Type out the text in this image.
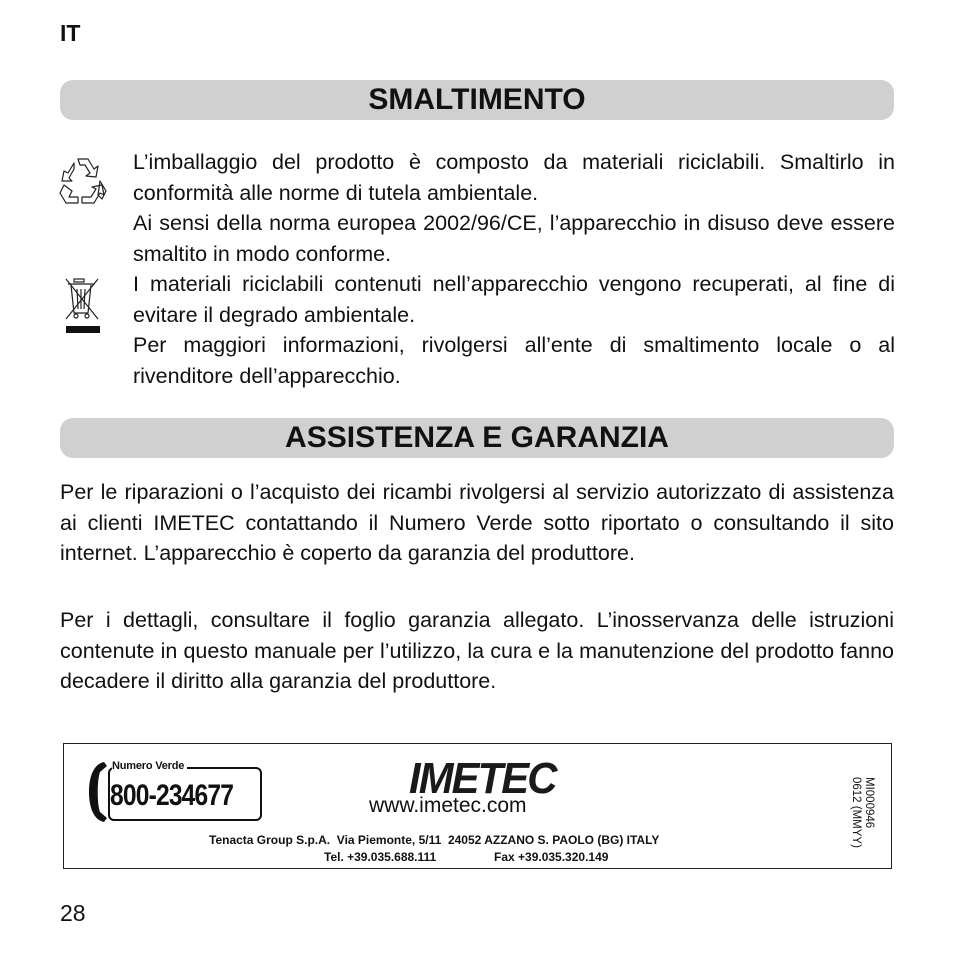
IT
SMALTIMENTO

L’imballaggio del prodotto è composto da materiali riciclabili. Smaltirlo in conformità alle norme di tutela ambientale.

Ai sensi della norma europea 2002/96/CE, l’apparecchio in disuso deve essere smaltito in modo conforme.

I materiali riciclabili contenuti nell’apparecchio vengono recuperati, al fine di evitare il degrado ambientale.

Per maggiori informazioni, rivolgersi all’ente di smaltimento locale o al rivenditore dell’apparecchio.

ASSISTENZA E GARANZIA

Per le riparazioni o l’acquisto dei ricambi rivolgersi al servizio autorizzato di assistenza ai clienti IMETEC contattando il Numero Verde sotto riportato o consultando il sito internet. L’apparecchio è coperto da garanzia del produttore.

Per i dettagli, consultare il foglio garanzia allegato. L’inosservanza delle istruzioni contenute in questo manuale per l’utilizzo, la cura e la manutenzione del prodotto fanno decadere il diritto alla garanzia del produttore.

Numero Verde
800-234677	IMETEC
www.imetec.com
Tenacta Group S.p.A.  Via Piemonte, 5/11  24052 AZZANO S. PAOLO (BG) ITALY
Tel. +39.035.688.111	Fax +39.035.320.149
MI000946
0612 (MMYY)
28
